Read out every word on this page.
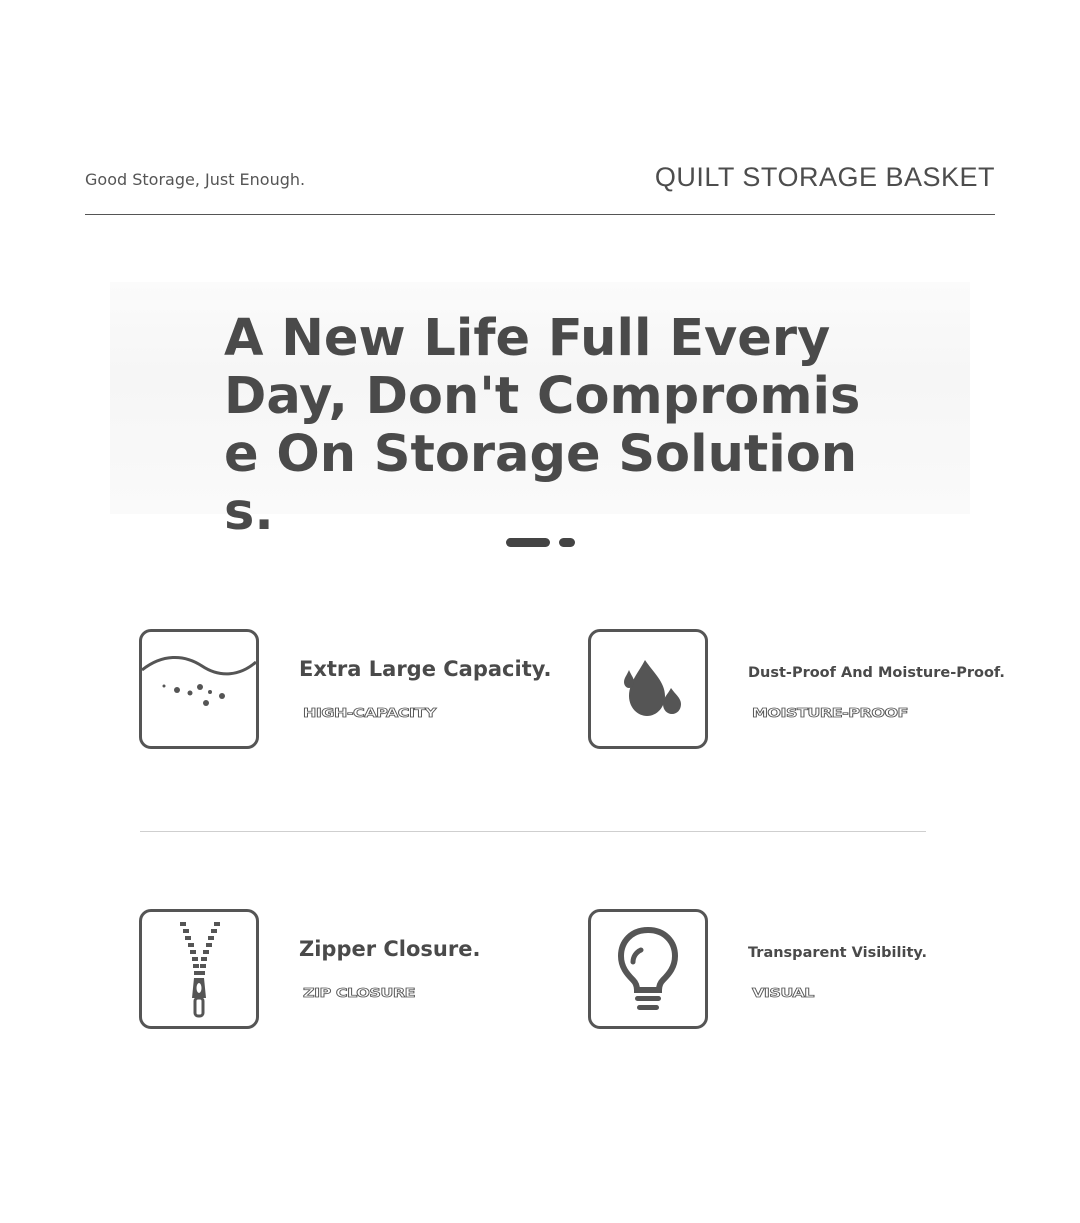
Good Storage, Just Enough.	QUILT STORAGE BASKET
A New Life Full Every Day, Don't Compromise On Storage Solutions.
Extra Large Capacity.
HIGH-CAPACITY
Dust-Proof And Moisture-Proof.
MOISTURE-PROOF
Zipper Closure.
ZIP CLOSURE
Transparent Visibility.
VISUAL
